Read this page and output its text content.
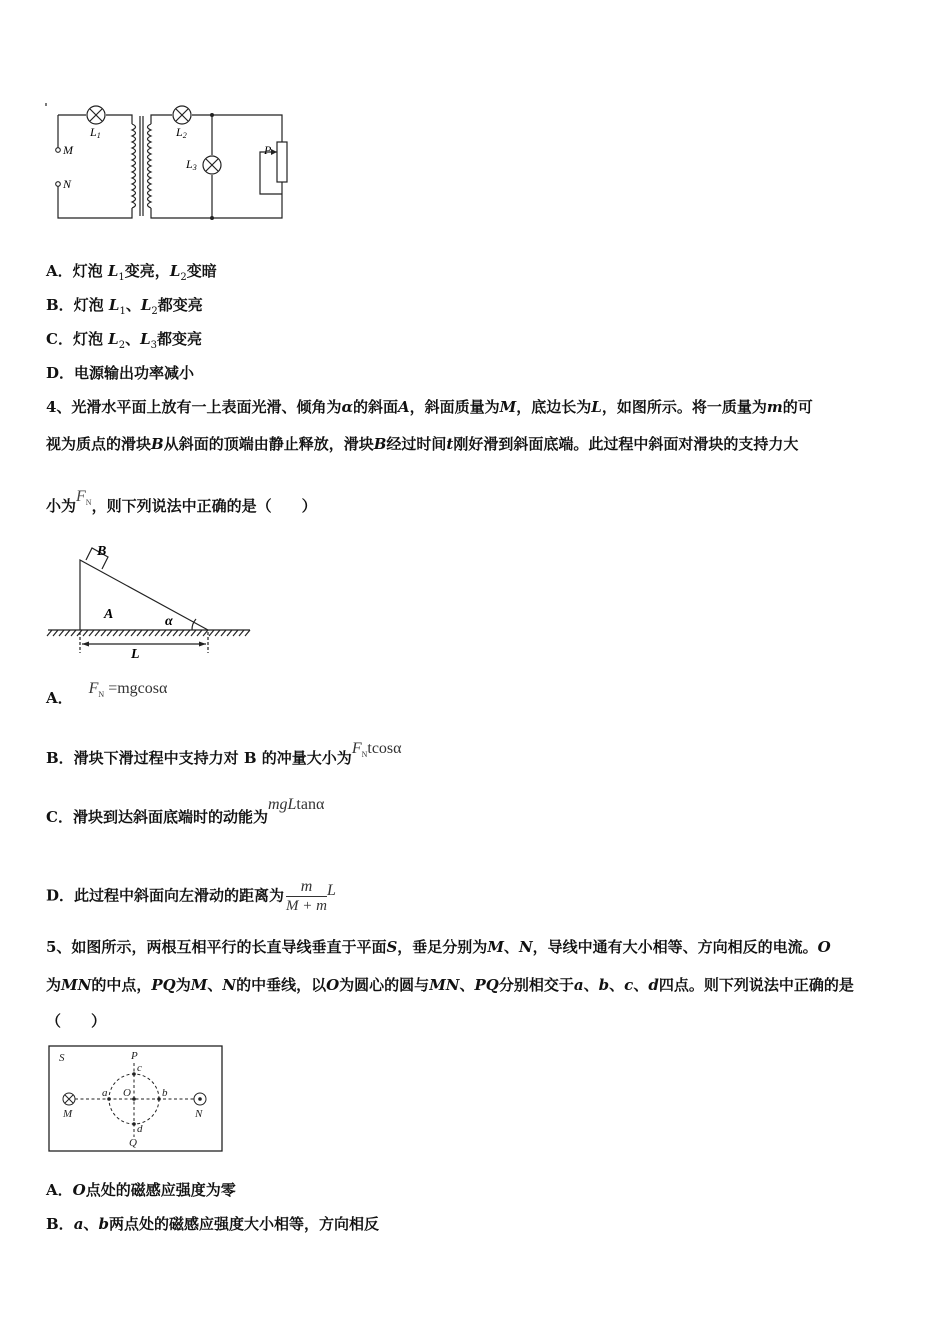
L1	L2
L3
M
N
P
A．灯泡 $L_1$变亮，$L_2$变暗
B．灯泡 $L_1$、$L_2$都变亮
C．灯泡 $L_2$、$L_3$都变亮
D．电源输出功率减小
4、光滑水平面上放有一上表面光滑、倾角为α的斜面A，斜面质量为M，底边长为L，如图所示。将一质量为m的可
视为质点的滑块B从斜面的顶端由静止释放，滑块B经过时间t刚好滑到斜面底端。此过程中斜面对滑块的支持力大
小为$F_N$，则下列说法中正确的是（　　）
B
A	α
L
A．$F_N =mgcos\alpha$
B．滑块下滑过程中支持力对 B 的冲量大小为$F_Ntcos\alpha$
C．滑块到达斜面底端时的动能为mgLtanα
D．此过程中斜面向左滑动的距离为 $\frac{m}{M + m}$ L
5、如图所示，两根互相平行的长直导线垂直于平面S，垂足分别为M、N，导线中通有大小相等、方向相反的电流。O
为MN的中点，PQ为M、N的中垂线，以O为圆心的圆与MN、PQ分别相交于a、b、c、d四点。则下列说法中正确的是
（　　）
S	P
c
a O	b
M	N
d
Q
A．O点处的磁感应强度为零
B．a、b两点处的磁感应强度大小相等，方向相反
